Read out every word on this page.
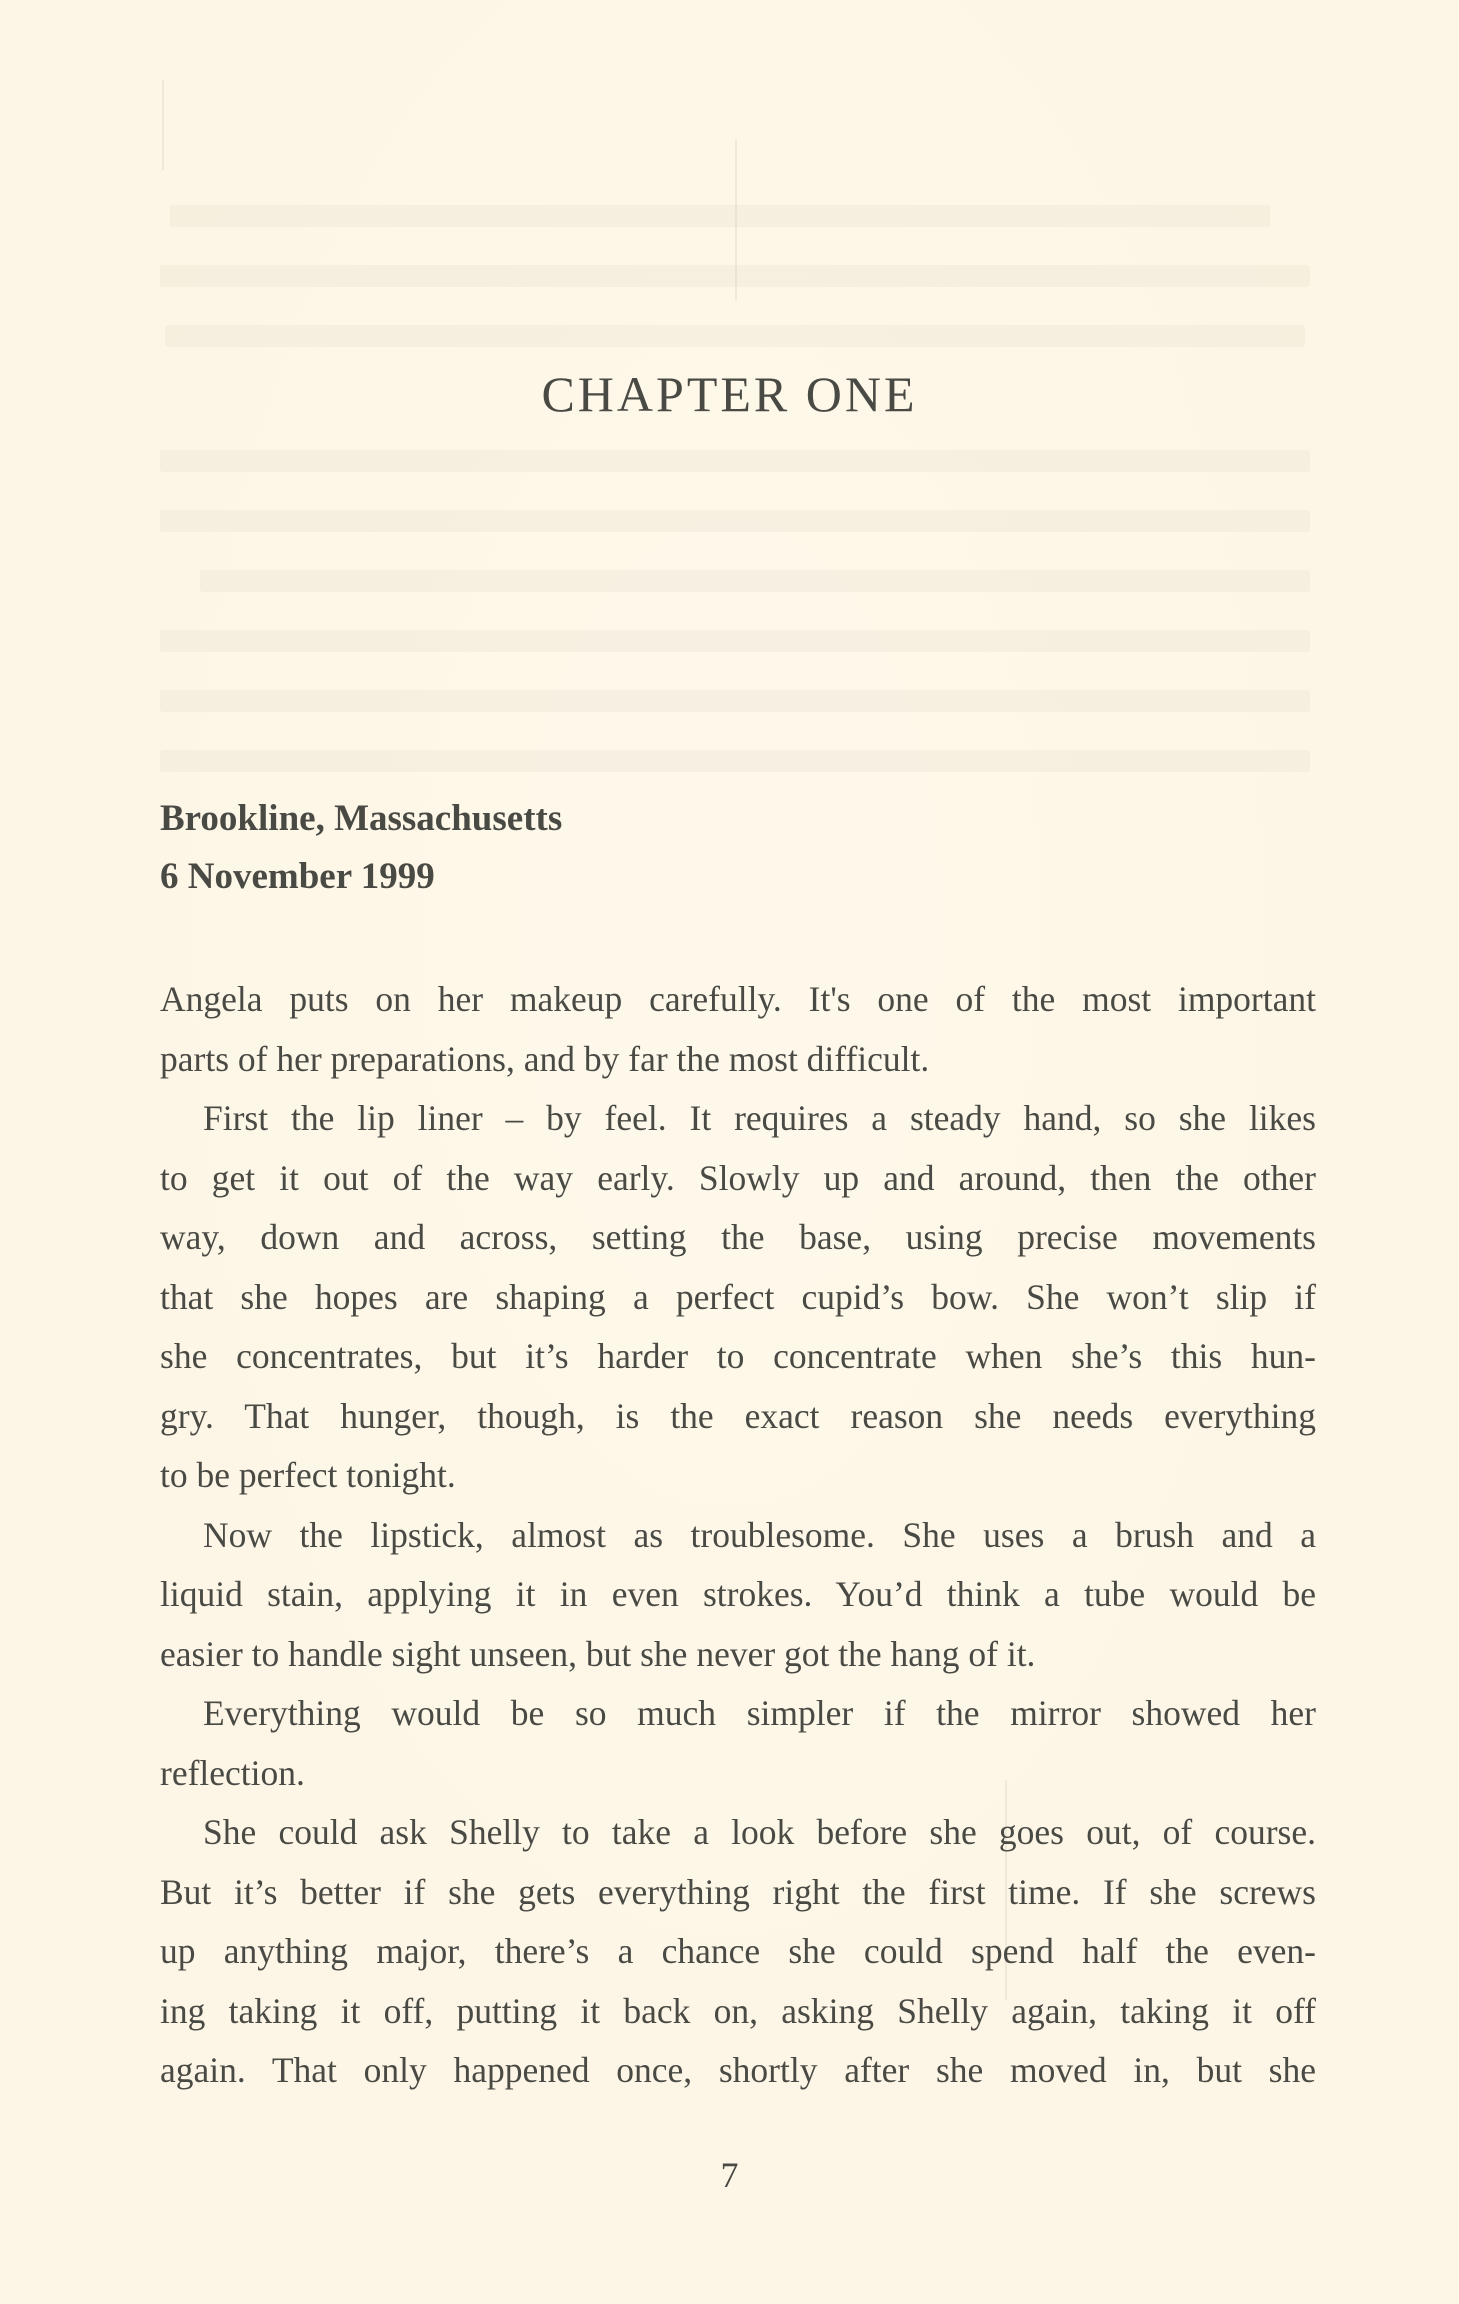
CHAPTER ONE
Brookline, Massachusetts
6 November 1999
Angela puts on her makeup carefully. It's one of the most important
parts of her preparations, and by far the most difficult.
First the lip liner – by feel. It requires a steady hand, so she likes
to get it out of the way early. Slowly up and around, then the other
way, down and across, setting the base, using precise movements
that she hopes are shaping a perfect cupid’s bow. She won’t slip if
she concentrates, but it’s harder to concentrate when she’s this hun-
gry. That hunger, though, is the exact reason she needs everything
to be perfect tonight.
Now the lipstick, almost as troublesome. She uses a brush and a
liquid stain, applying it in even strokes. You’d think a tube would be
easier to handle sight unseen, but she never got the hang of it.
Everything would be so much simpler if the mirror showed her
reflection.
She could ask Shelly to take a look before she goes out, of course.
But it’s better if she gets everything right the first time. If she screws
up anything major, there’s a chance she could spend half the even-
ing taking it off, putting it back on, asking Shelly again, taking it off
again. That only happened once, shortly after she moved in, but she
7
